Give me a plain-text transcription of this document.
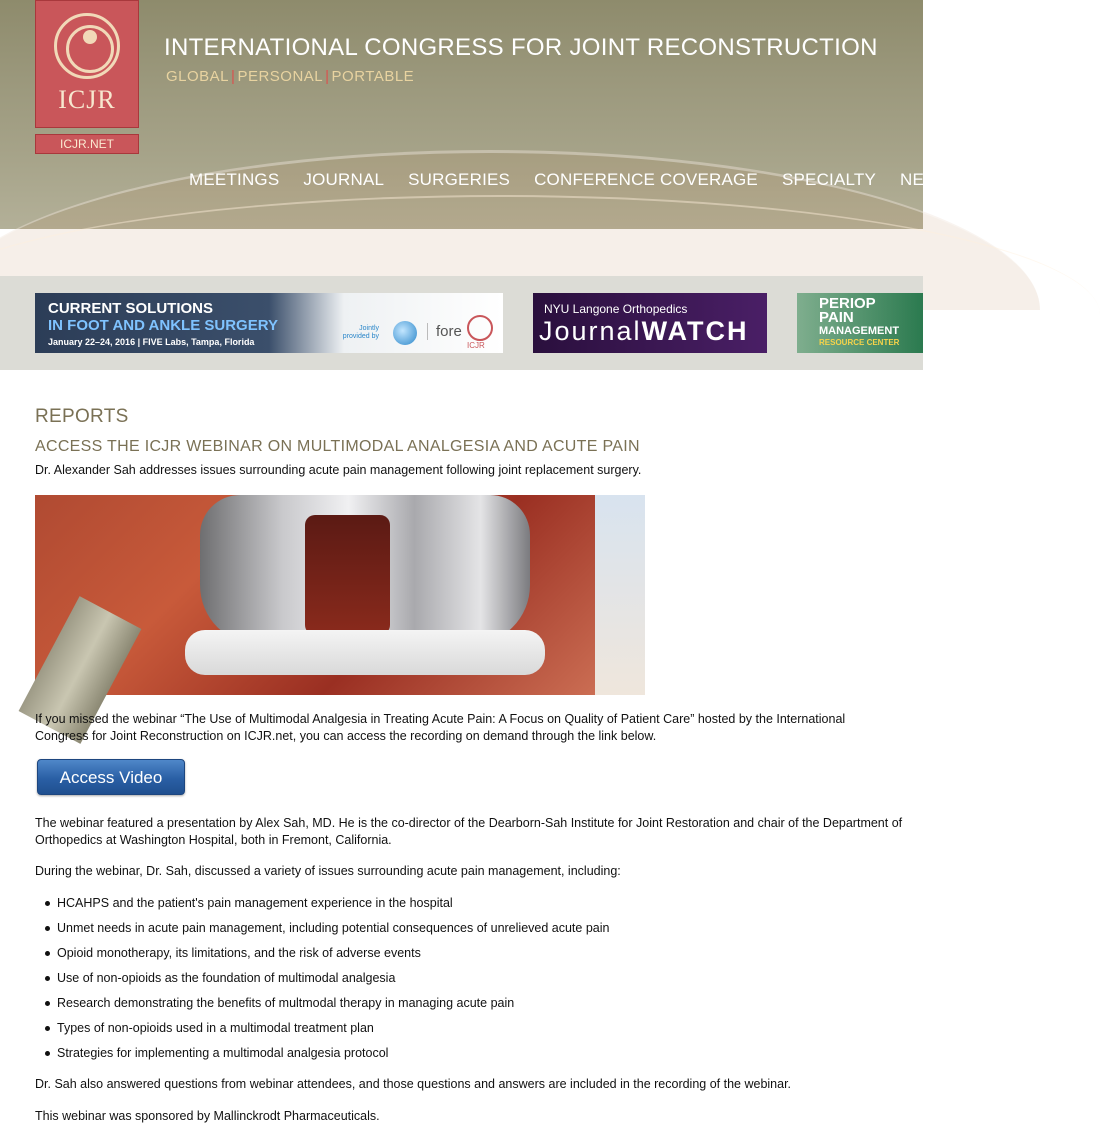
ICJR
ICJR.NET
INTERNATIONAL CONGRESS FOR JOINT RECONSTRUCTION
GLOBAL | PERSONAL | PORTABLE
MEETINGS JOURNAL SURGERIES CONFERENCE COVERAGE SPECIALTY NEWS C
CURRENT SOLUTIONS
IN FOOT AND ANKLE SURGERY
January 22–24, 2016 | FIVE Labs, Tampa, Florida
Jointly provided by	fore
ICJR
NYU Langone Orthopedics
JournalWATCH
PERIOP
PAIN
MANAGEMENT
RESOURCE CENTER
REPORTS
ACCESS THE ICJR WEBINAR ON MULTIMODAL ANALGESIA AND ACUTE PAIN
Dr. Alexander Sah addresses issues surrounding acute pain management following joint replacement surgery.

If you missed the webinar “The Use of Multimodal Analgesia in Treating Acute Pain: A Focus on Quality of Patient Care” hosted by the International Congress for Joint Reconstruction on ICJR.net, you can access the recording on demand through the link below.

Access Video

The webinar featured a presentation by Alex Sah, MD. He is the co-director of the Dearborn-Sah Institute for Joint Restoration and chair of the Department of Orthopedics at Washington Hospital, both in Fremont, California.

During the webinar, Dr. Sah, discussed a variety of issues surrounding acute pain management, including:

HCAHPS and the patient's pain management experience in the hospital
Unmet needs in acute pain management, including potential consequences of unrelieved acute pain
Opioid monotherapy, its limitations, and the risk of adverse events
Use of non-opioids as the foundation of multimodal analgesia
Research demonstrating the benefits of multmodal therapy in managing acute pain
Types of non-opioids used in a multimodal treatment plan
Strategies for implementing a multimodal analgesia protocol

Dr. Sah also answered questions from webinar attendees, and those questions and answers are included in the recording of the webinar.

This webinar was sponsored by Mallinckrodt Pharmaceuticals.
